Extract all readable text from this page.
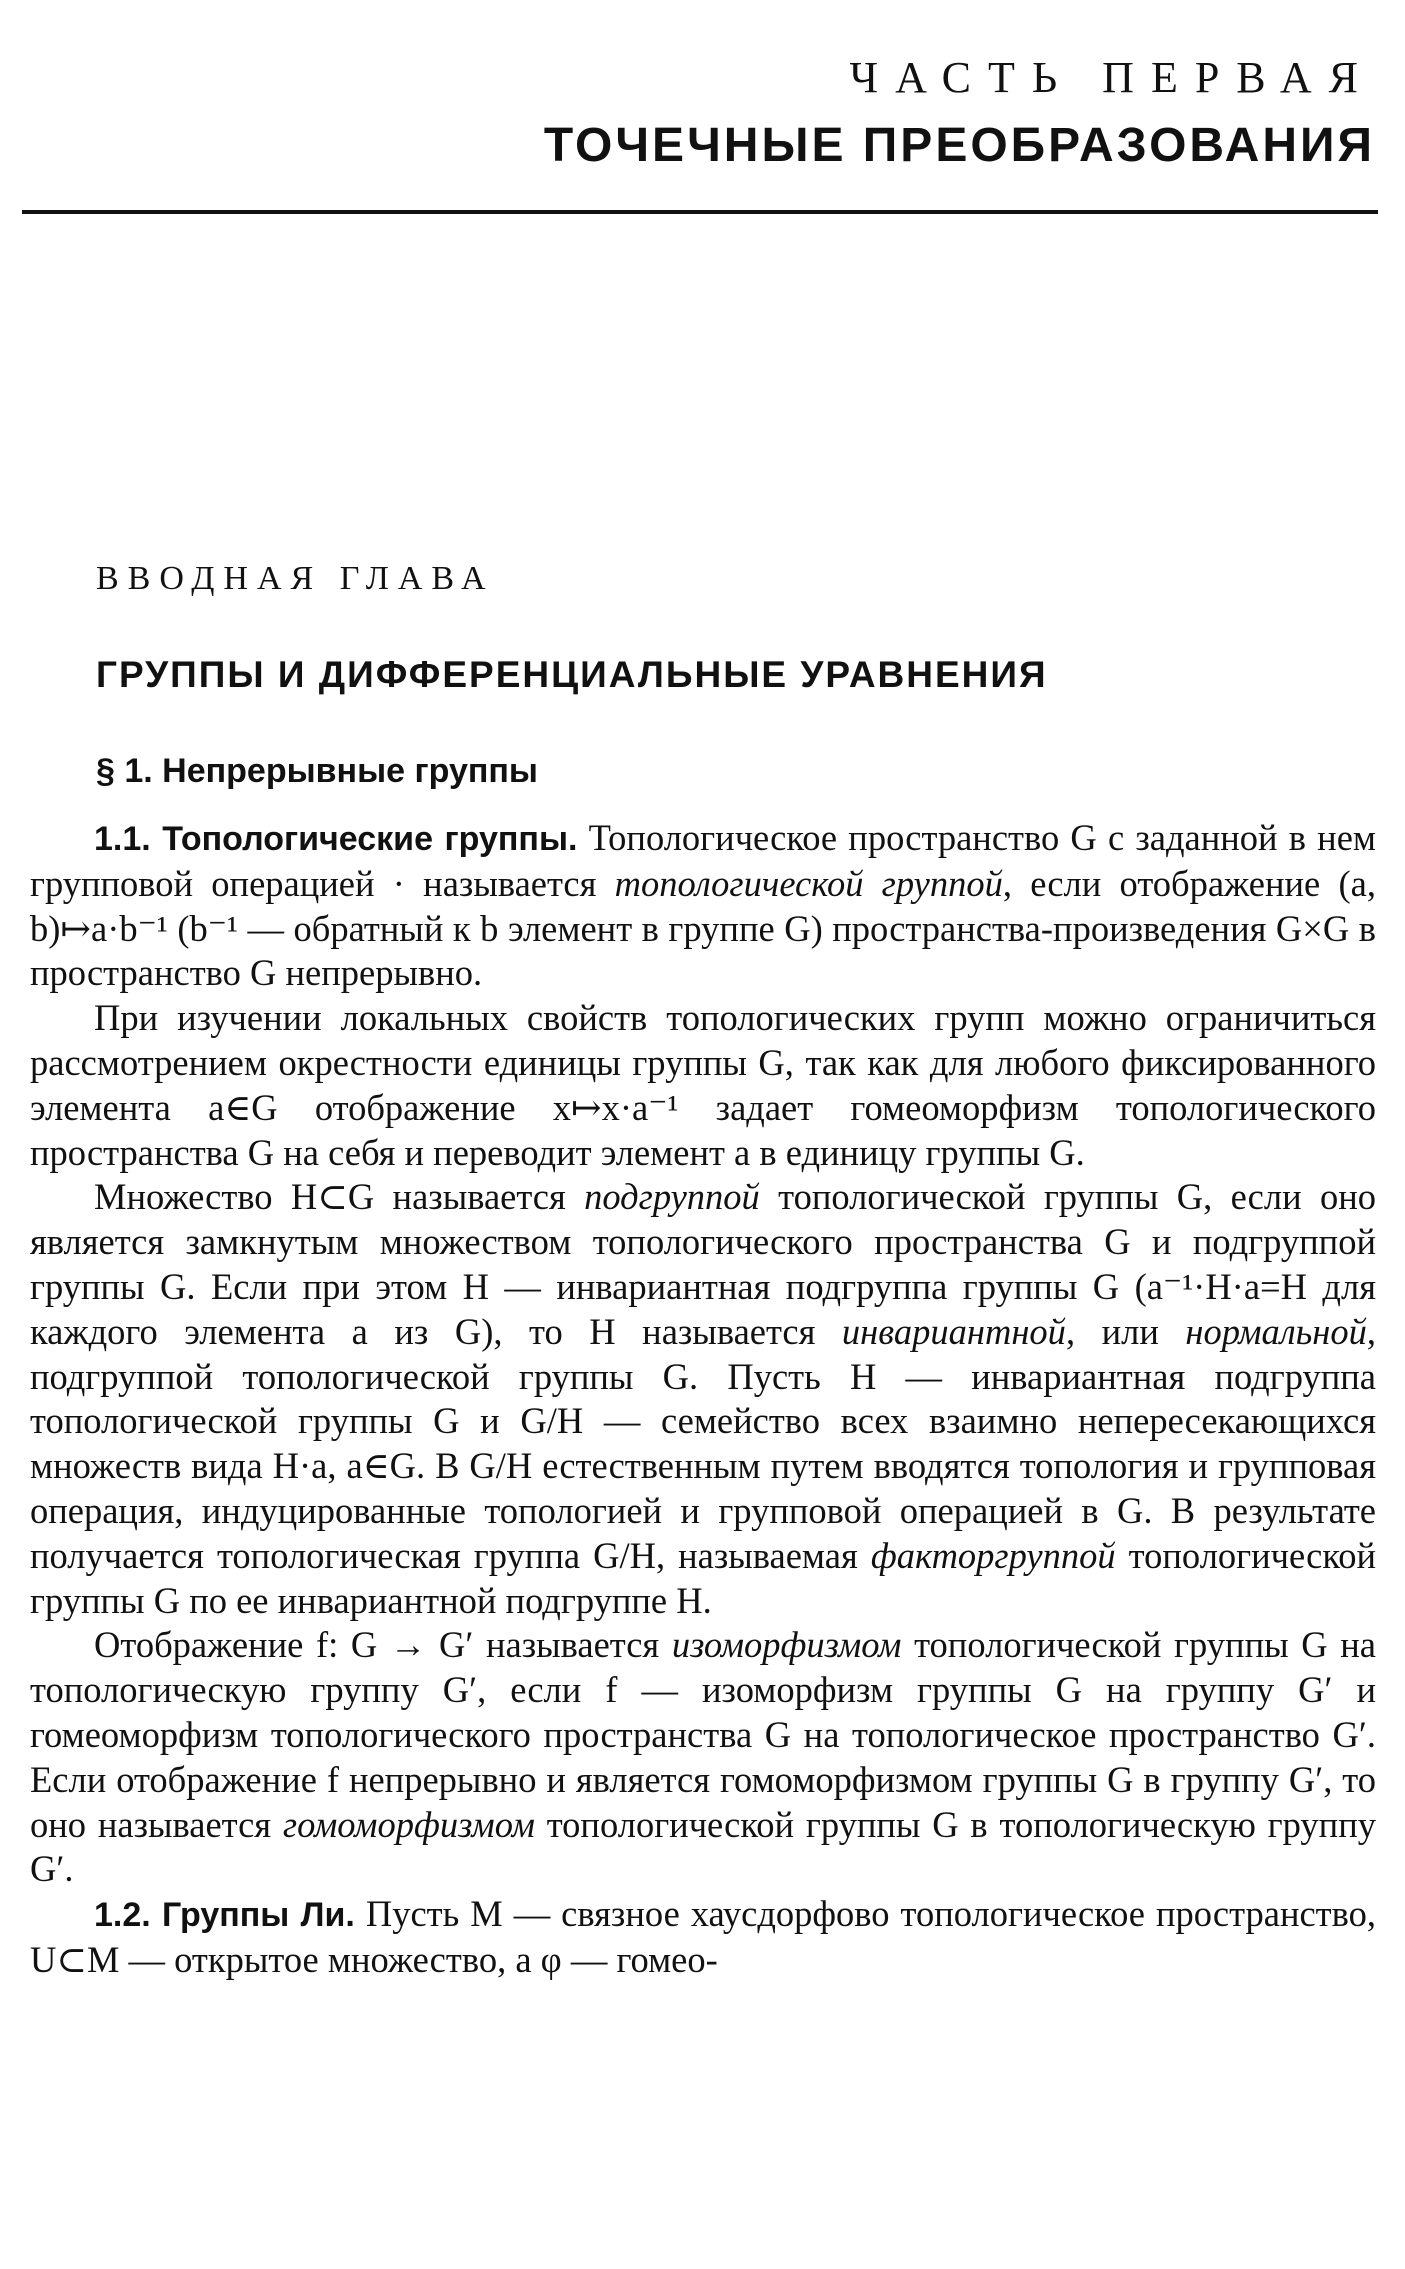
ЧАСТЬ ПЕРВАЯ
ТОЧЕЧНЫЕ ПРЕОБРАЗОВАНИЯ
ВВОДНАЯ ГЛАВА
ГРУППЫ И ДИФФЕРЕНЦИАЛЬНЫЕ УРАВНЕНИЯ
§ 1. Непрерывные группы

1.1. Топологические группы. Топологическое пространство G с заданной в нем групповой операцией · называется топологической группой, если отображение (a, b)↦a·b⁻¹ (b⁻¹ — обратный к b элемент в группе G) пространства-произведения G×G в пространство G непрерывно.

При изучении локальных свойств топологических групп можно ограничиться рассмотрением окрестности единицы группы G, так как для любого фиксированного элемента a∈G отображение x↦x·a⁻¹ задает гомеоморфизм топологического пространства G на себя и переводит элемент a в единицу группы G.

Множество H⊂G называется подгруппой топологической группы G, если оно является замкнутым множеством топологического пространства G и подгруппой группы G. Если при этом H — инвариантная подгруппа группы G (a⁻¹·H·a=H для каждого элемента a из G), то H называется инвариантной, или нормальной, подгруппой топологической группы G. Пусть H — инвариантная подгруппа топологической группы G и G/H — семейство всех взаимно непересекающихся множеств вида H·a, a∈G. В G/H естественным путем вводятся топология и групповая операция, индуцированные топологией и групповой операцией в G. В результате получается топологическая группа G/H, называемая факторгруппой топологической группы G по ее инвариантной подгруппе H.

Отображение f: G → G′ называется изоморфизмом топологической группы G на топологическую группу G′, если f — изоморфизм группы G на группу G′ и гомеоморфизм топологического пространства G на топологическое пространство G′. Если отображение f непрерывно и является гомоморфизмом группы G в группу G′, то оно называется гомоморфизмом топологической группы G в топологическую группу G′.

1.2. Группы Ли. Пусть M — связное хаусдорфово топологическое пространство, U⊂M — открытое множество, а φ — гомео-
